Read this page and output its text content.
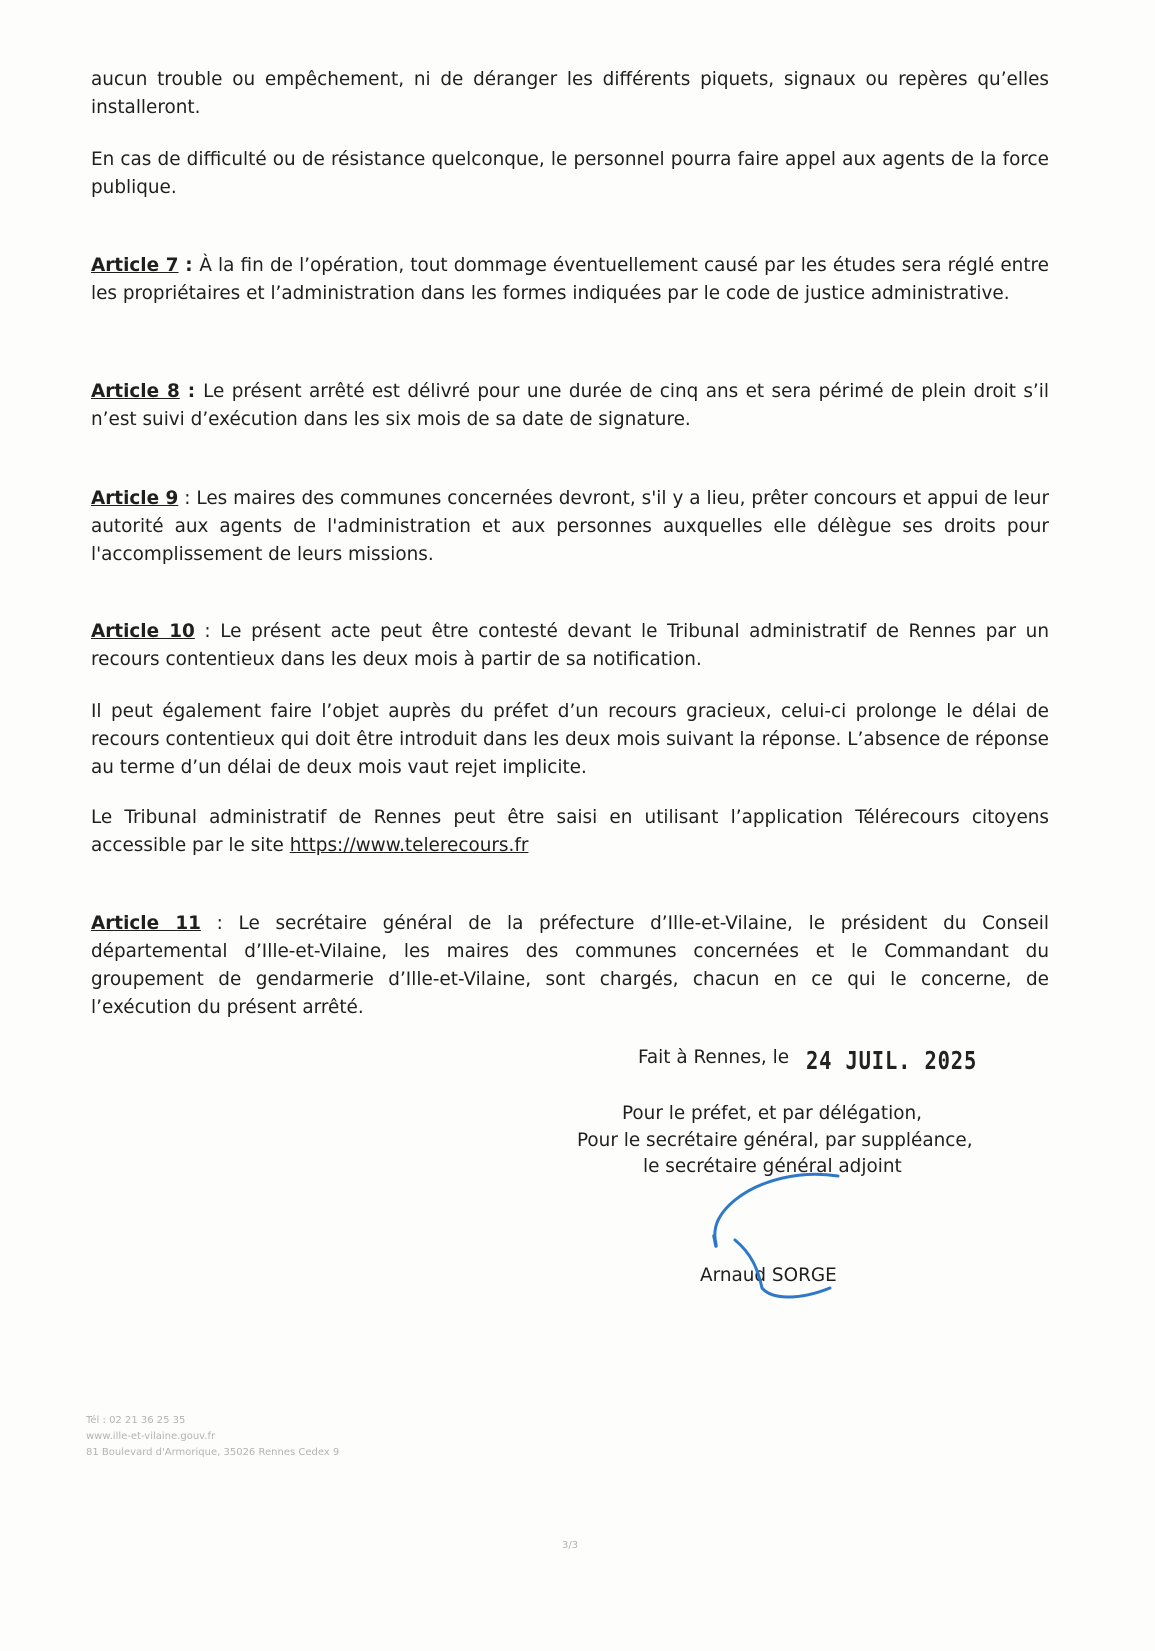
aucun trouble ou empêchement, ni de déranger les différents piquets, signaux ou repères qu’elles installeront.

En cas de difficulté ou de résistance quelconque, le personnel pourra faire appel aux agents de la force publique.

Article 7 : À la fin de l’opération, tout dommage éventuellement causé par les études sera réglé entre les propriétaires et l’administration dans les formes indiquées par le code de justice administrative.

Article 8 : Le présent arrêté est délivré pour une durée de cinq ans et sera périmé de plein droit s’il n’est suivi d’exécution dans les six mois de sa date de signature.

Article 9 : Les maires des communes concernées devront, s'il y a lieu, prêter concours et appui de leur autorité aux agents de l'administration et aux personnes auxquelles elle délègue ses droits pour l'accomplissement de leurs missions.

Article 10 : Le présent acte peut être contesté devant le Tribunal administratif de Rennes par un recours contentieux dans les deux mois à partir de sa notification.

Il peut également faire l’objet auprès du préfet d’un recours gracieux, celui-ci prolonge le délai de recours contentieux qui doit être introduit dans les deux mois suivant la réponse. L’absence de réponse au terme d’un délai de deux mois vaut rejet implicite.

Le Tribunal administratif de Rennes peut être saisi en utilisant l’application Télérecours citoyens accessible par le site https://www.telerecours.fr

Article 11 : Le secrétaire général de la préfecture d’Ille-et-Vilaine, le président du Conseil départemental d’Ille-et-Vilaine, les maires des communes concernées et le Commandant du groupement de gendarmerie d’Ille-et-Vilaine, sont chargés, chacun en ce qui le concerne, de l’exécution du présent arrêté.

Fait à Rennes, le 24 JUIL. 2025
Pour le préfet, et par délégation,
Pour le secrétaire général, par suppléance,
le secrétaire général adjoint
Arnaud SORGE
Tél : 02 21 36 25 35
www.ille-et-vilaine.gouv.fr
81 Boulevard d'Armorique, 35026 Rennes Cedex 9
3/3
